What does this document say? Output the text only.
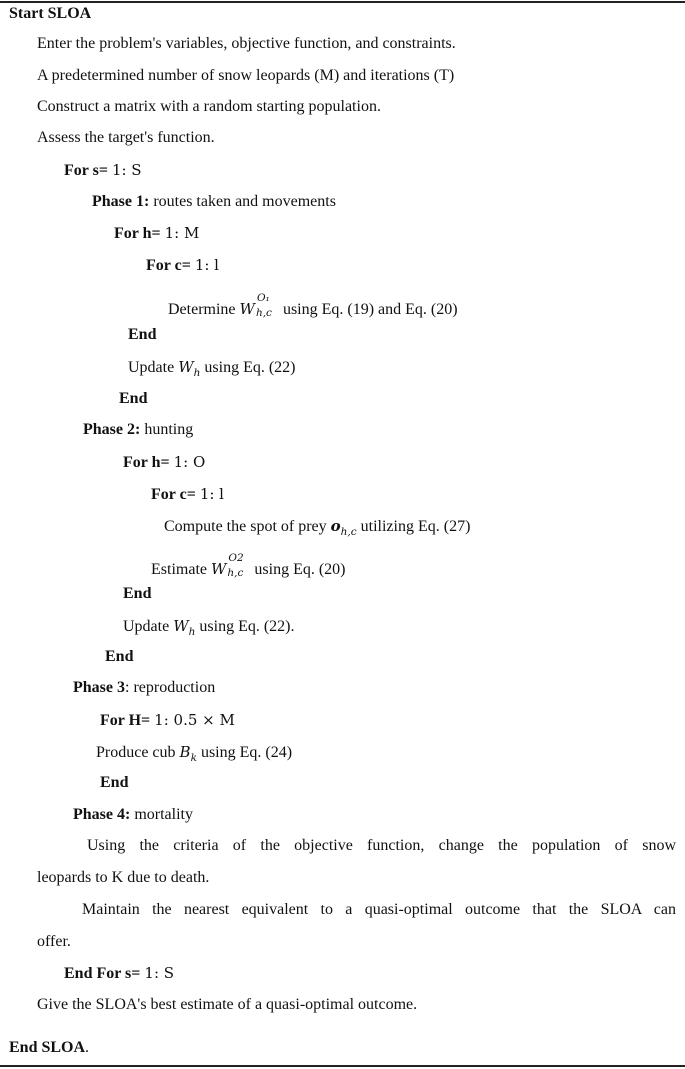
Start SLOA
Enter the problem's variables, objective function, and constraints.
A predetermined number of snow leopards (M) and iterations (T)
Construct a matrix with a random starting population.
Assess the target's function.
For s= 1: S
Phase 1: routes taken and movements
For h= 1: M
For c= 1: l
Determine W
O₁
h,c using Eq. (19) and Eq. (20)
End
Update $W_h$ using Eq. (22)
End
Phase 2: hunting
For h= 1: O
For c= 1: l
Compute the spot of prey $o_{h,c}$ utilizing Eq. (27)
Estimate W
O2
h,c using Eq. (20)
End
Update $W_h$ using Eq. (22).
End
Phase 3: reproduction
For H= 1: 0.5 × M
Produce cub $B_k$ using Eq. (24)
End
Phase 4: mortality
Using the criteria of the objective function, change the population of snow
leopards to K due to death.
Maintain the nearest equivalent to a quasi-optimal outcome that the SLOA can
offer.
End For s= 1: S
Give the SLOA's best estimate of a quasi-optimal outcome.
End SLOA.
